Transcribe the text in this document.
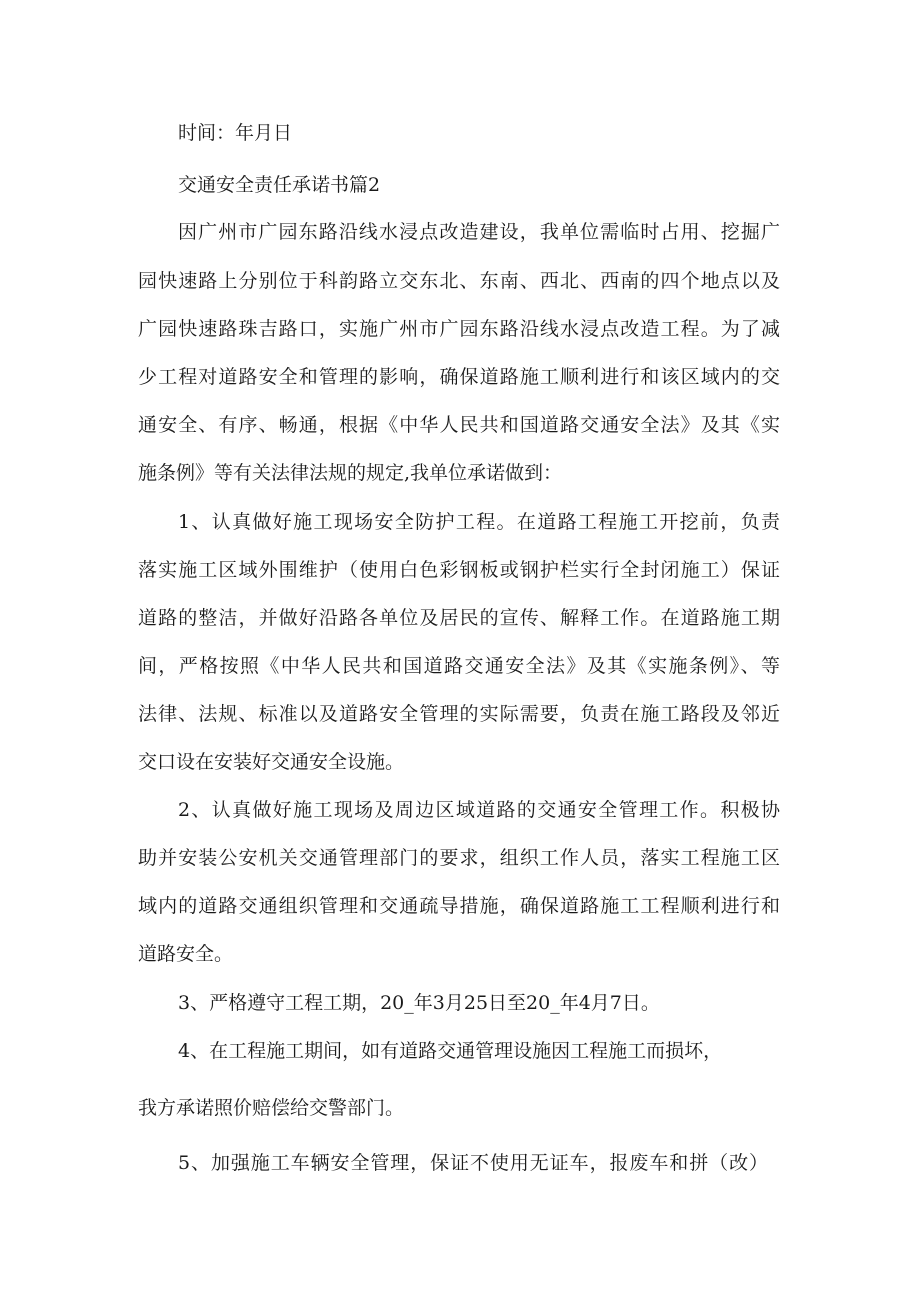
时间：年月日
交通安全责任承诺书篇2
因广州市广园东路沿线水浸点改造建设，我单位需临时占用、挖掘广
园快速路上分别位于科韵路立交东北、东南、西北、西南的四个地点以及
广园快速路珠吉路口，实施广州市广园东路沿线水浸点改造工程。为了减
少工程对道路安全和管理的影响，确保道路施工顺利进行和该区域内的交
通安全、有序、畅通，根据《中华人民共和国道路交通安全法》及其《实
施条例》等有关法律法规的规定,我单位承诺做到：
1、认真做好施工现场安全防护工程。在道路工程施工开挖前，负责
落实施工区域外围维护（使用白色彩钢板或钢护栏实行全封闭施工）保证
道路的整洁，并做好沿路各单位及居民的宣传、解释工作。在道路施工期
间，严格按照《中华人民共和国道路交通安全法》及其《实施条例》、等
法律、法规、标准以及道路安全管理的实际需要，负责在施工路段及邻近
交口设在安装好交通安全设施。
2、认真做好施工现场及周边区域道路的交通安全管理工作。积极协
助并安装公安机关交通管理部门的要求，组织工作人员，落实工程施工区
域内的道路交通组织管理和交通疏导措施，确保道路施工工程顺利进行和
道路安全。
3、严格遵守工程工期，20_年3月25日至20_年4月7日。
4、在工程施工期间，如有道路交通管理设施因工程施工而损坏，
我方承诺照价赔偿给交警部门。
5、加强施工车辆安全管理，保证不使用无证车，报废车和拼（改）
